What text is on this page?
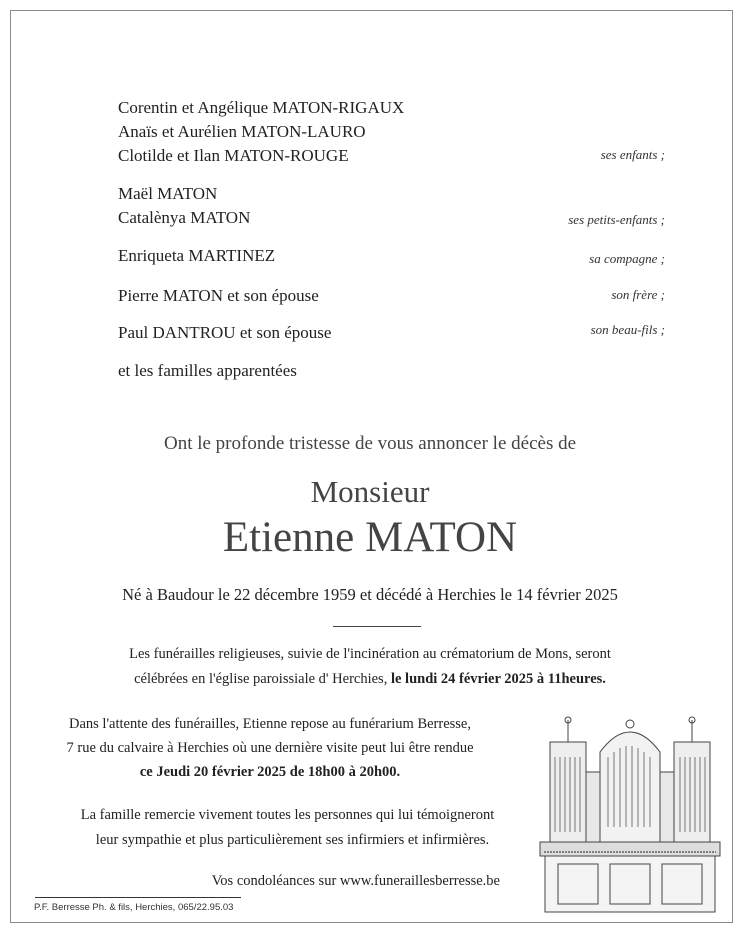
Corentin et Angélique MATON-RIGAUX
Anaïs et Aurélien MATON-LAURO
Clotilde et Ilan MATON-ROUGE	ses enfants ;
Maël MATON
Catalènya MATON	ses petits-enfants ;
Enriqueta MARTINEZ	sa compagne ;
Pierre MATON et son épouse	son frère ;
Paul DANTROU et son épouse	son beau-fils ;
et les familles apparentées
Ont le profonde tristesse de vous annoncer le décès de
Monsieur
Etienne MATON
Né à Baudour le 22 décembre 1959 et décédé à Herchies le 14 février 2025
Les funérailles religieuses, suivie de l'incinération au crématorium de Mons, seront
célébrées en l'église paroissiale d' Herchies, le lundi 24 février 2025 à 11heures.
Dans l'attente des funérailles, Etienne repose au funérarium Berresse,
7 rue du calvaire à Herchies où une dernière visite peut lui être rendue
ce Jeudi 20 février 2025 de 18h00 à 20h00.
La famille remercie vivement toutes les personnes qui lui témoigneront
leur sympathie et plus particulièrement ses infirmiers et infirmières.
Vos condoléances sur www.funeraillesberresse.be
P.F. Berresse Ph. & fils, Herchies, 065/22.95.03
